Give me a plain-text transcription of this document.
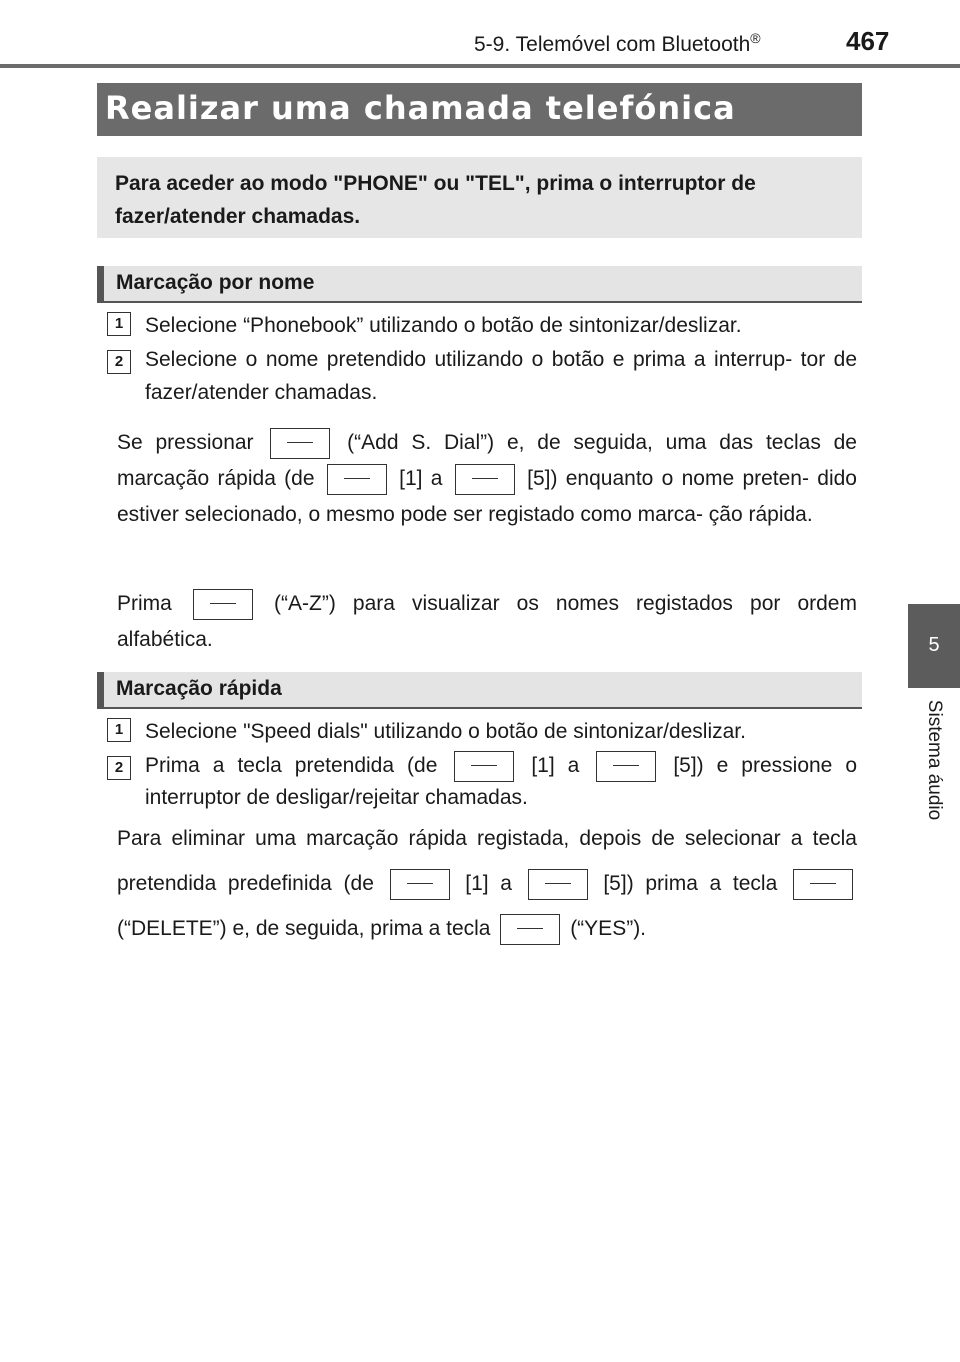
5-9. Telemóvel com Bluetooth®	467
5
Sistema áudio
Realizar uma chamada telefónica
Para aceder ao modo "PHONE" ou "TEL", prima o interruptor de fazer/atender chamadas.
Marcação por nome
1	Selecione “Phonebook” utilizando o botão de sintonizar/deslizar.
2	Selecione o nome pretendido utilizando o botão e prima a interrup- tor de fazer/atender chamadas.
Se pressionar	(“Add S. Dial”) e, de seguida, uma das teclas de marcação rápida (de	[1] a	[5]) enquanto o nome preten- dido estiver selecionado, o mesmo pode ser registado como marca- ção rápida.
Prima	(“A-Z”) para visualizar os nomes registados por ordem alfabética.
Marcação rápida
1	Selecione "Speed dials" utilizando o botão de sintonizar/deslizar.
2	Prima a tecla pretendida (de	[1] a	[5]) e pressione o interruptor de desligar/rejeitar chamadas.
Para eliminar uma marcação rápida registada, depois de selecionar a tecla pretendida predefinida (de	[1] a	[5]) prima a tecla  (“DELETE”) e, de seguida, prima a tecla	(“YES”).
